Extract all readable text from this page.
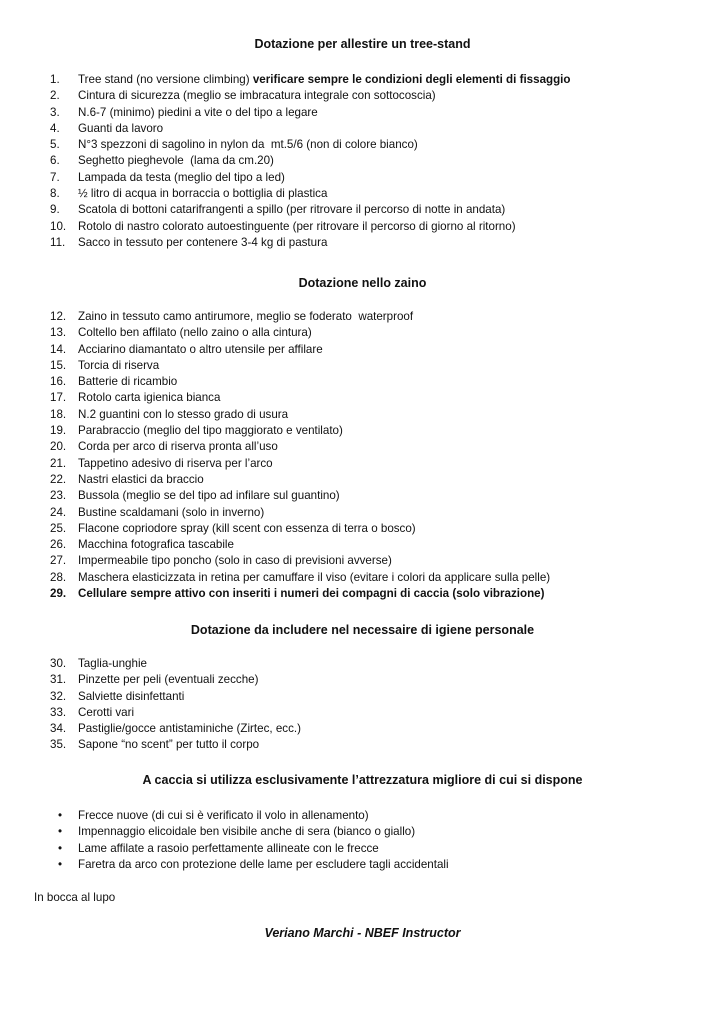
Dotazione per allestire un tree-stand
1.	Tree stand (no versione climbing) verificare sempre le condizioni degli elementi di fissaggio
2.	Cintura di sicurezza (meglio se imbracatura integrale con sottocoscia)
3.	N.6-7 (minimo) piedini a vite o del tipo a legare
4.	Guanti da lavoro
5.	N°3 spezzoni di sagolino in nylon da  mt.5/6 (non di colore bianco)
6.	Seghetto pieghevole  (lama da cm.20)
7.	Lampada da testa (meglio del tipo a led)
8.	½ litro di acqua in borraccia o bottiglia di plastica
9.	Scatola di bottoni catarifrangenti a spillo (per ritrovare il percorso di notte in andata)
10.	Rotolo di nastro colorato autoestinguente (per ritrovare il percorso di giorno al ritorno)
11.	Sacco in tessuto per contenere 3-4 kg di pastura
Dotazione nello zaino
12.	Zaino in tessuto camo antirumore, meglio se foderato  waterproof
13.	Coltello ben affilato (nello zaino o alla cintura)
14.	Acciarino diamantato o altro utensile per affilare
15.	Torcia di riserva
16.	Batterie di ricambio
17.	Rotolo carta igienica bianca
18.	N.2 guantini con lo stesso grado di usura
19.	Parabraccio (meglio del tipo maggiorato e ventilato)
20.	Corda per arco di riserva pronta all’uso
21.	Tappetino adesivo di riserva per l’arco
22.	Nastri elastici da braccio
23.	Bussola (meglio se del tipo ad infilare sul guantino)
24.	Bustine scaldamani (solo in inverno)
25.	Flacone copriodore spray (kill scent con essenza di terra o bosco)
26.	Macchina fotografica tascabile
27.	Impermeabile tipo poncho (solo in caso di previsioni avverse)
28.	Maschera elasticizzata in retina per camuffare il viso (evitare i colori da applicare sulla pelle)
29.	Cellulare sempre attivo con inseriti i numeri dei compagni di caccia (solo vibrazione)
Dotazione da includere nel necessaire di igiene personale
30.	Taglia-unghie
31.	Pinzette per peli (eventuali zecche)
32.	Salviette disinfettanti
33.	Cerotti vari
34.	Pastiglie/gocce antistaminiche (Zirtec, ecc.)
35.	Sapone “no scent” per tutto il corpo
A caccia si utilizza esclusivamente l’attrezzatura migliore di cui si dispone
•	Frecce nuove (di cui si è verificato il volo in allenamento)
•	Impennaggio elicoidale ben visibile anche di sera (bianco o giallo)
•	Lame affilate a rasoio perfettamente allineate con le frecce
•	Faretra da arco con protezione delle lame per escludere tagli accidentali
In bocca al lupo
Veriano Marchi - NBEF Instructor
